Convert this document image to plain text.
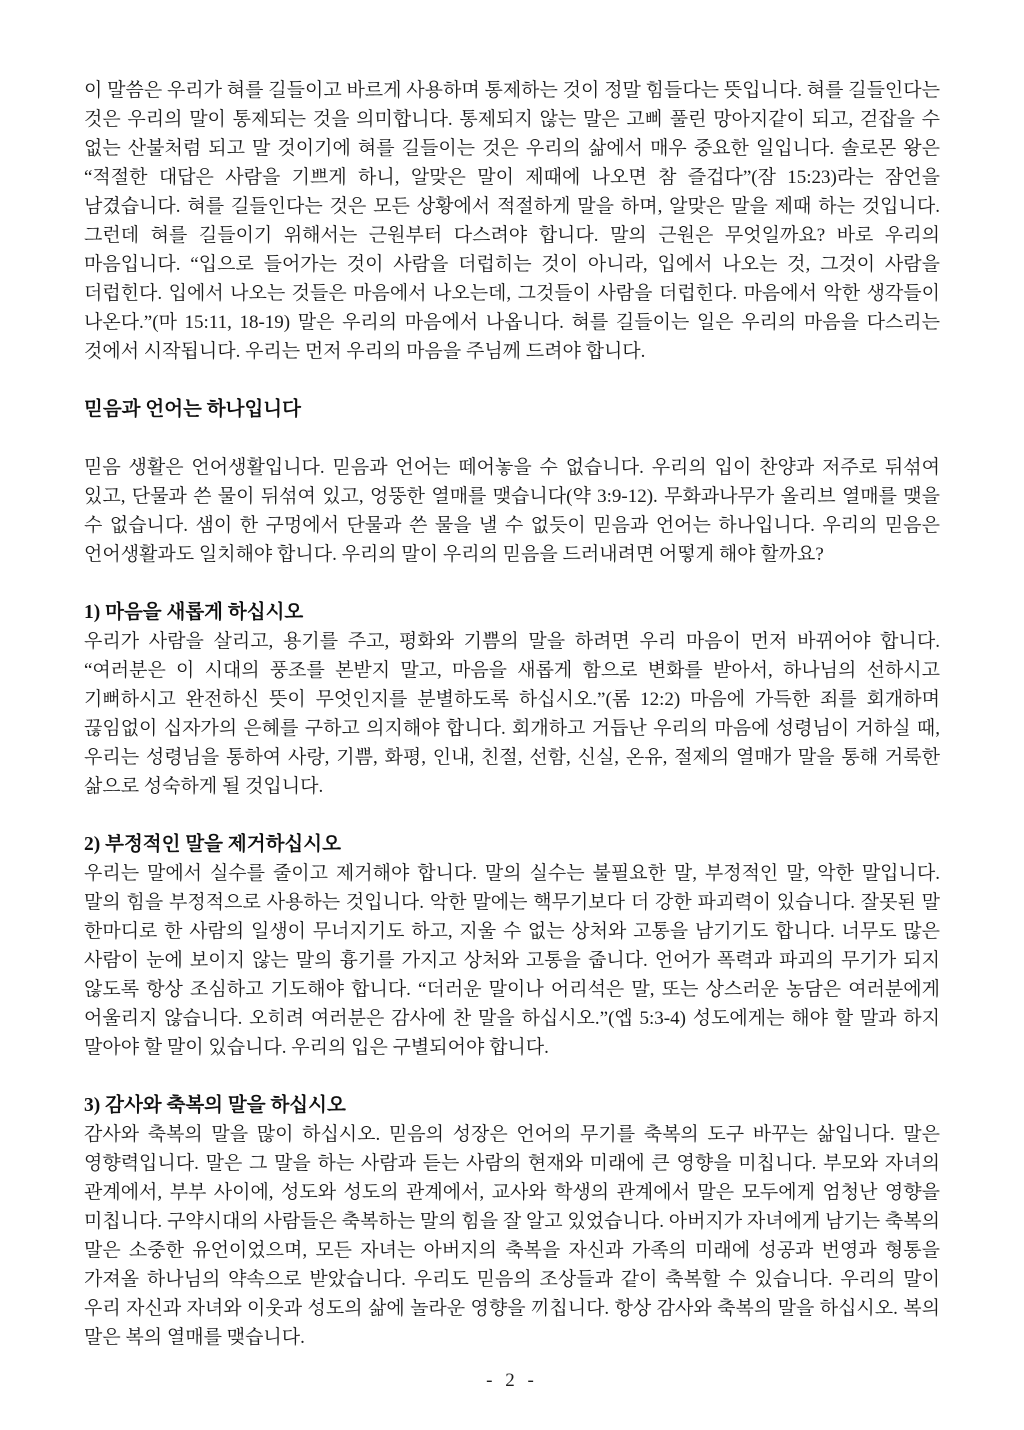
이 말씀은 우리가 혀를 길들이고 바르게 사용하며 통제하는 것이 정말 힘들다는 뜻입니다. 혀를 길들인다는 것은 우리의 말이 통제되는 것을 의미합니다. 통제되지 않는 말은 고삐 풀린 망아지같이 되고, 걷잡을 수 없는 산불처럼 되고 말 것이기에 혀를 길들이는 것은 우리의 삶에서 매우 중요한 일입니다. 솔로몬 왕은 “적절한 대답은 사람을 기쁘게 하니, 알맞은 말이 제때에 나오면 참 즐겁다”(잠 15:23)라는 잠언을 남겼습니다. 혀를 길들인다는 것은 모든 상황에서 적절하게 말을 하며, 알맞은 말을 제때 하는 것입니다. 그런데 혀를 길들이기 위해서는 근원부터 다스려야 합니다. 말의 근원은 무엇일까요? 바로 우리의 마음입니다. “입으로 들어가는 것이 사람을 더럽히는 것이 아니라, 입에서 나오는 것, 그것이 사람을 더럽힌다. 입에서 나오는 것들은 마음에서 나오는데, 그것들이 사람을 더럽힌다. 마음에서 악한 생각들이 나온다.”(마 15:11, 18-19) 말은 우리의 마음에서 나옵니다. 혀를 길들이는 일은 우리의 마음을 다스리는 것에서 시작됩니다. 우리는 먼저 우리의 마음을 주님께 드려야 합니다.

믿음과 언어는 하나입니다

믿음 생활은 언어생활입니다. 믿음과 언어는 떼어놓을 수 없습니다. 우리의 입이 찬양과 저주로 뒤섞여 있고, 단물과 쓴 물이 뒤섞여 있고, 엉뚱한 열매를 맺습니다(약 3:9-12). 무화과나무가 올리브 열매를 맺을 수 없습니다. 샘이 한 구멍에서 단물과 쓴 물을 낼 수 없듯이 믿음과 언어는 하나입니다. 우리의 믿음은 언어생활과도 일치해야 합니다. 우리의 말이 우리의 믿음을 드러내려면 어떻게 해야 할까요?

1) 마음을 새롭게 하십시오

우리가 사람을 살리고, 용기를 주고, 평화와 기쁨의 말을 하려면 우리 마음이 먼저 바뀌어야 합니다. “여러분은 이 시대의 풍조를 본받지 말고, 마음을 새롭게 함으로 변화를 받아서, 하나님의 선하시고 기뻐하시고 완전하신 뜻이 무엇인지를 분별하도록 하십시오.”(롬 12:2) 마음에 가득한 죄를 회개하며 끊임없이 십자가의 은혜를 구하고 의지해야 합니다. 회개하고 거듭난 우리의 마음에 성령님이 거하실 때, 우리는 성령님을 통하여 사랑, 기쁨, 화평, 인내, 친절, 선함, 신실, 온유, 절제의 열매가 말을 통해 거룩한 삶으로 성숙하게 될 것입니다.

2) 부정적인 말을 제거하십시오

우리는 말에서 실수를 줄이고 제거해야 합니다. 말의 실수는 불필요한 말, 부정적인 말, 악한 말입니다. 말의 힘을 부정적으로 사용하는 것입니다. 악한 말에는 핵무기보다 더 강한 파괴력이 있습니다. 잘못된 말 한마디로 한 사람의 일생이 무너지기도 하고, 지울 수 없는 상처와 고통을 남기기도 합니다. 너무도 많은 사람이 눈에 보이지 않는 말의 흉기를 가지고 상처와 고통을 줍니다. 언어가 폭력과 파괴의 무기가 되지 않도록 항상 조심하고 기도해야 합니다. “더러운 말이나 어리석은 말, 또는 상스러운 농담은 여러분에게 어울리지 않습니다. 오히려 여러분은 감사에 찬 말을 하십시오.”(엡 5:3-4) 성도에게는 해야 할 말과 하지 말아야 할 말이 있습니다. 우리의 입은 구별되어야 합니다.

3) 감사와 축복의 말을 하십시오

감사와 축복의 말을 많이 하십시오. 믿음의 성장은 언어의 무기를 축복의 도구 바꾸는 삶입니다. 말은 영향력입니다. 말은 그 말을 하는 사람과 듣는 사람의 현재와 미래에 큰 영향을 미칩니다. 부모와 자녀의 관계에서, 부부 사이에, 성도와 성도의 관계에서, 교사와 학생의 관계에서 말은 모두에게 엄청난 영향을 미칩니다. 구약시대의 사람들은 축복하는 말의 힘을 잘 알고 있었습니다. 아버지가 자녀에게 남기는 축복의 말은 소중한 유언이었으며, 모든 자녀는 아버지의 축복을 자신과 가족의 미래에 성공과 번영과 형통을 가져올 하나님의 약속으로 받았습니다. 우리도 믿음의 조상들과 같이 축복할 수 있습니다. 우리의 말이 우리 자신과 자녀와 이웃과 성도의 삶에 놀라운 영향을 끼칩니다. 항상 감사와 축복의 말을 하십시오. 복의 말은 복의 열매를 맺습니다.

- 2 -
